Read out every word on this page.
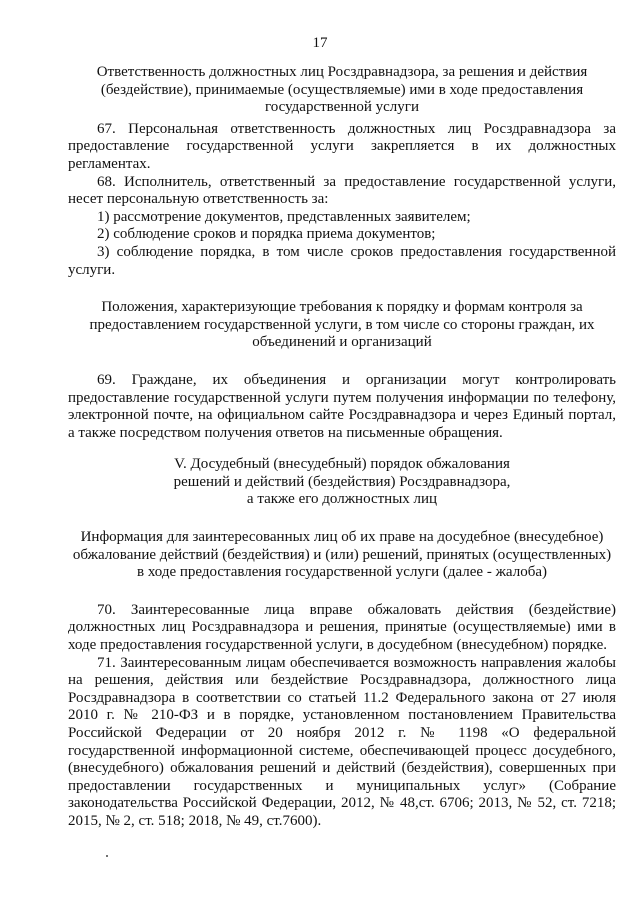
17

Ответственность должностных лиц Росздравнадзора, за решения и действия (бездействие), принимаемые (осуществляемые) ими в ходе предоставления государственной услуги

67. Персональная ответственность должностных лиц Росздравнадзора за предоставление государственной услуги закрепляется в их должностных регламентах.

68. Исполнитель, ответственный за предоставление государственной услуги, несет персональную ответственность за:

1) рассмотрение документов, представленных заявителем;

2) соблюдение сроков и порядка приема документов;

3) соблюдение порядка, в том числе сроков предоставления государственной услуги.

Положения, характеризующие требования к порядку и формам контроля за предоставлением государственной услуги, в том числе со стороны граждан, их объединений и организаций

69. Граждане, их объединения и организации могут контролировать предоставление государственной услуги путем получения информации по телефону, электронной почте, на официальном сайте Росздравнадзора и через Единый портал, а также посредством получения ответов на письменные обращения.

V. Досудебный (внесудебный) порядок обжалования

решений и действий (бездействия) Росздравнадзора,

а также его должностных лиц

Информация для заинтересованных лиц об их праве на досудебное (внесудебное) обжалование действий (бездействия) и (или) решений, принятых (осуществленных) в ходе предоставления государственной услуги (далее - жалоба)

70. Заинтересованные лица вправе обжаловать действия (бездействие) должностных лиц Росздравнадзора и решения, принятые (осуществляемые) ими в ходе предоставления государственной услуги, в досудебном (внесудебном) порядке.

71. Заинтересованным лицам обеспечивается возможность направления жалобы на решения, действия или бездействие Росздравнадзора, должностного лица Росздравнадзора в соответствии со статьей 11.2 Федерального закона от 27 июля 2010 г. № 210-ФЗ и в порядке, установленном постановлением Правительства Российской Федерации от 20 ноября 2012 г. № 1198 «О федеральной государственной информационной системе, обеспечивающей процесс досудебного, (внесудебного) обжалования решений и действий (бездействия), совершенных при предоставлении государственных и муниципальных услуг» (Собрание законодательства Российской Федерации, 2012, № 48,ст. 6706; 2013, № 52, ст. 7218; 2015, № 2, ст. 518; 2018, № 49, ст.7600).
